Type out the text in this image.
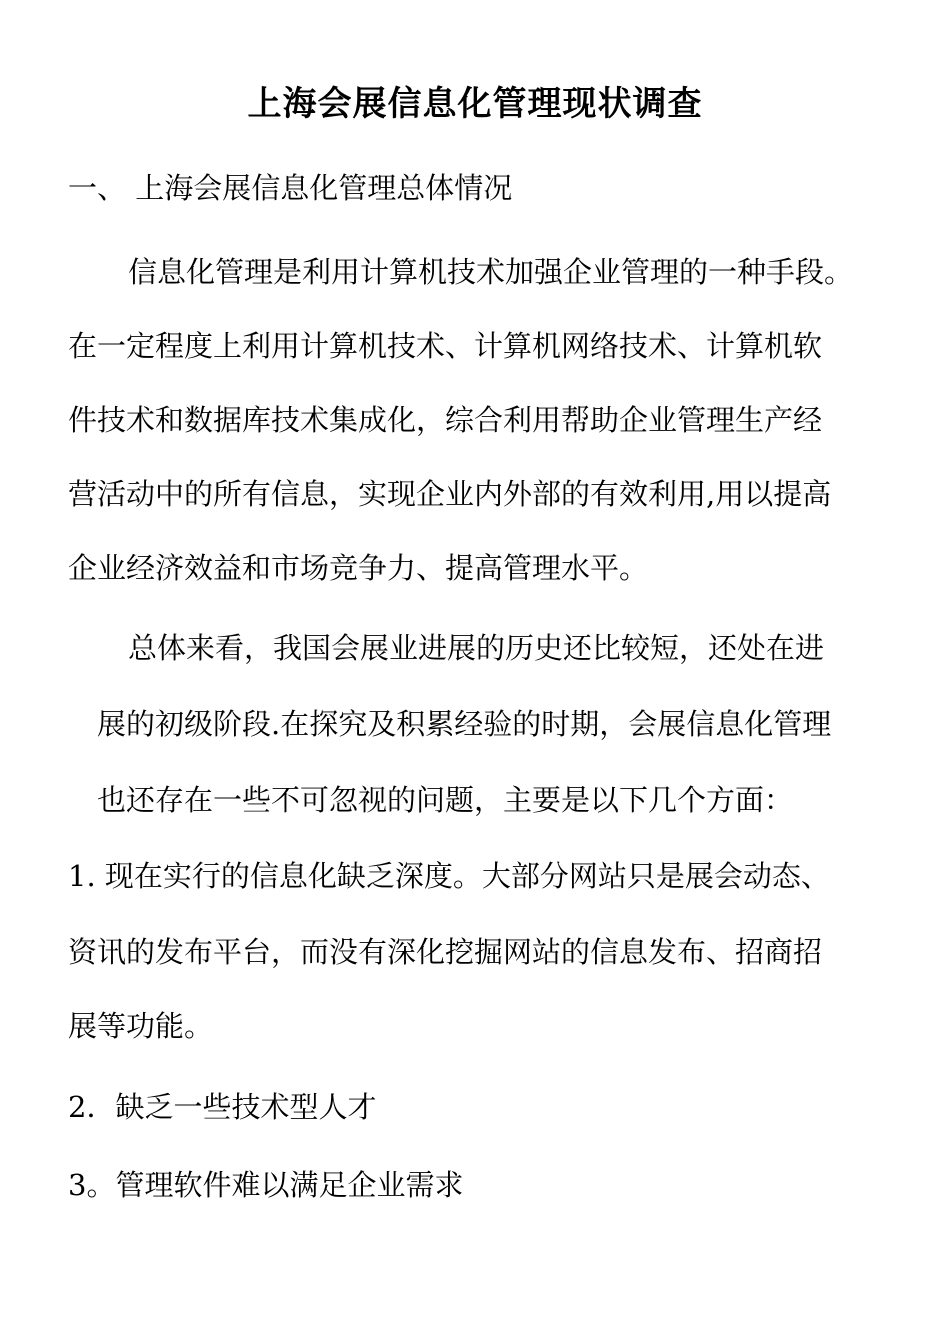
上海会展信息化管理现状调查
一、 上海会展信息化管理总体情况
信息化管理是利用计算机技术加强企业管理的一种手段。
在一定程度上利用计算机技术、计算机网络技术、计算机软
件技术和数据库技术集成化，综合利用帮助企业管理生产经
营活动中的所有信息，实现企业内外部的有效利用,用以提高
企业经济效益和市场竞争力、提高管理水平。
总体来看，我国会展业进展的历史还比较短，还处在进
展的初级阶段.在探究及积累经验的时期，会展信息化管理
也还存在一些不可忽视的问题，主要是以下几个方面：
1. 现在实行的信息化缺乏深度。大部分网站只是展会动态、
资讯的发布平台，而没有深化挖掘网站的信息发布、招商招
展等功能。
2．缺乏一些技术型人才
3。管理软件难以满足企业需求
